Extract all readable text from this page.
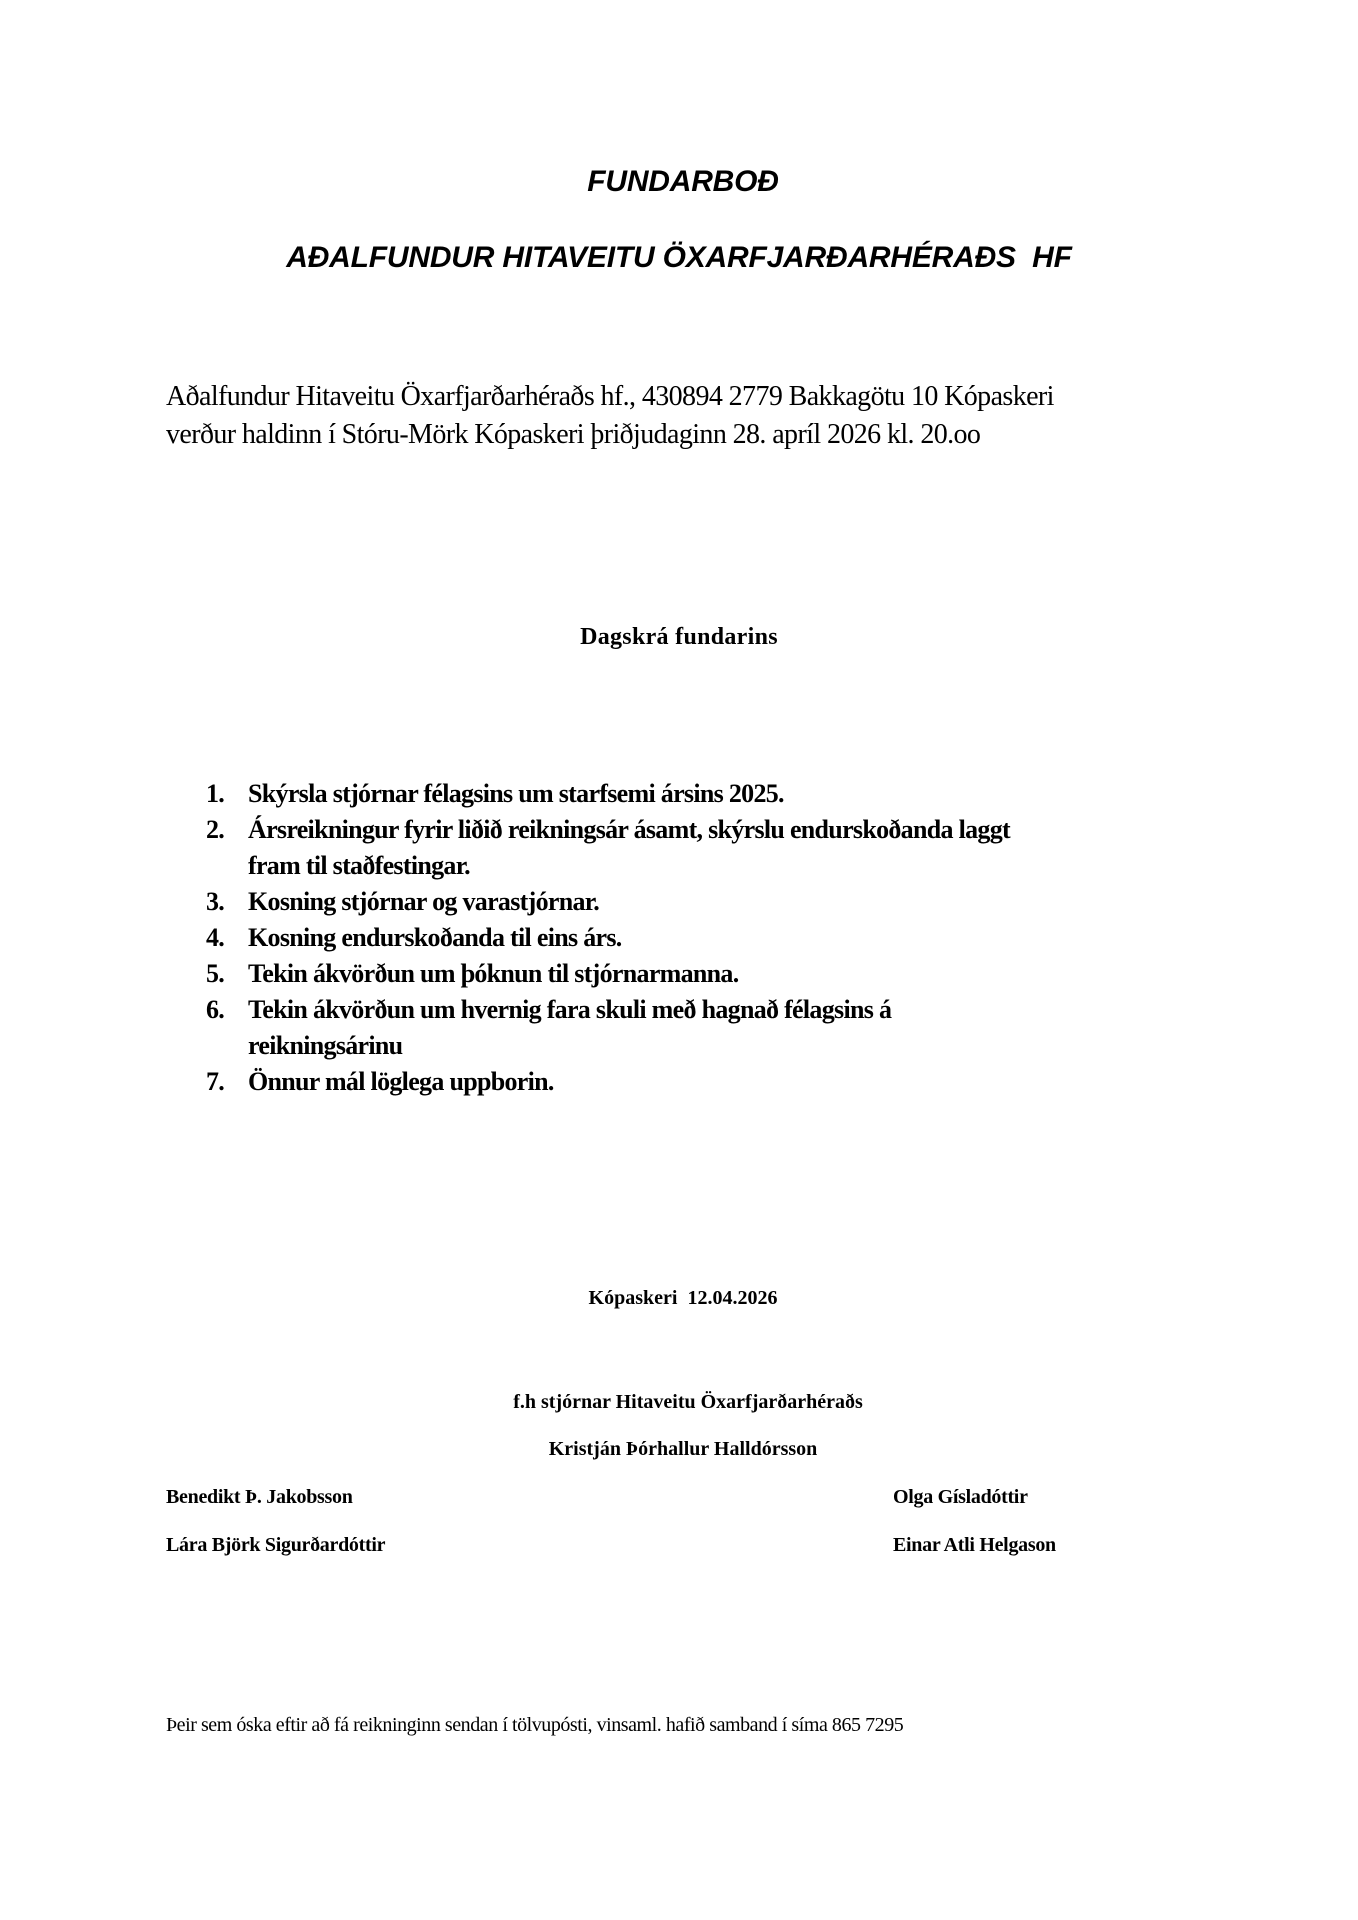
FUNDARBOÐ
AÐALFUNDUR HITAVEITU ÖXARFJARÐARHÉRAÐS  HF
Aðalfundur Hitaveitu Öxarfjarðarhéraðs hf., 430894 2779 Bakkagötu 10 Kópaskeri
verður haldinn í Stóru-Mörk Kópaskeri þriðjudaginn 28. apríl 2026 kl. 20.oo
Dagskrá fundarins
1. Skýrsla stjórnar félagsins um starfsemi ársins 2025.
2. Ársreikningur fyrir liðið reikningsár ásamt, skýrslu endurskoðanda laggt
fram til staðfestingar.
3. Kosning stjórnar og varastjórnar.
4. Kosning endurskoðanda til eins árs.
5. Tekin ákvörðun um þóknun til stjórnarmanna.
6. Tekin ákvörðun um hvernig fara skuli með hagnað félagsins á
reikningsárinu
7. Önnur mál löglega uppborin.
Kópaskeri  12.04.2026
f.h stjórnar Hitaveitu Öxarfjarðarhéraðs
Kristján Þórhallur Halldórsson
Benedikt Þ. Jakobsson
Lára Björk Sigurðardóttir
Olga Gísladóttir
Einar Atli Helgason
Þeir sem óska eftir að fá reikninginn sendan í tölvupósti, vinsaml. hafið samband í síma 865 7295
